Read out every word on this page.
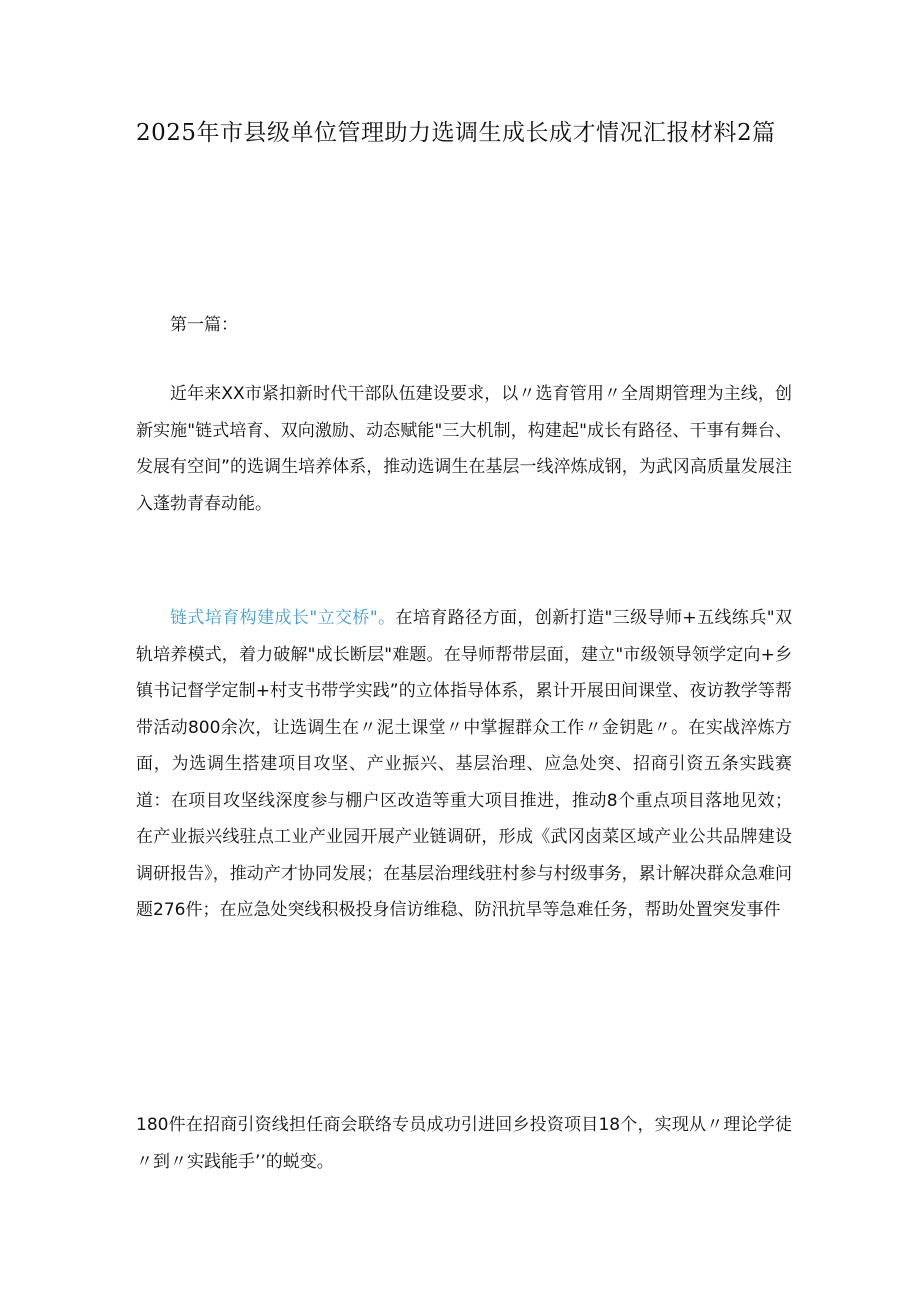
2025年市县级单位管理助力选调生成长成才情况汇报材料2篇

第一篇：

近年来XX市紧扣新时代干部队伍建设要求，以〃选育管用〃全周期管理为主线，创新实施"链式培育、双向激励、动态赋能"三大机制，构建起"成长有路径、干事有舞台、发展有空间”的选调生培养体系，推动选调生在基层一线淬炼成钢，为武冈高质量发展注入蓬勃青春动能。

链式培育构建成长"立交桥"。在培育路径方面，创新打造"三级导师+五线练兵"双轨培养模式，着力破解"成长断层"难题。在导师帮带层面，建立"市级领导领学定向+乡镇书记督学定制+村支书带学实践”的立体指导体系，累计开展田间课堂、夜访教学等帮带活动800余次，让选调生在〃泥土课堂〃中掌握群众工作〃金钥匙〃。在实战淬炼方面，为选调生搭建项目攻坚、产业振兴、基层治理、应急处突、招商引资五条实践赛道：在项目攻坚线深度参与棚户区改造等重大项目推进，推动8个重点项目落地见效；在产业振兴线驻点工业产业园开展产业链调研，形成《武冈卤菜区域产业公共品牌建设调研报告》，推动产才协同发展；在基层治理线驻村参与村级事务，累计解决群众急难问题276件；在应急处突线积极投身信访维稳、防汛抗旱等急难任务，帮助处置突发事件

180件在招商引资线担任商会联络专员成功引进回乡投资项目18个，实现从〃理论学徒〃到〃实践能手’’的蜕变。
